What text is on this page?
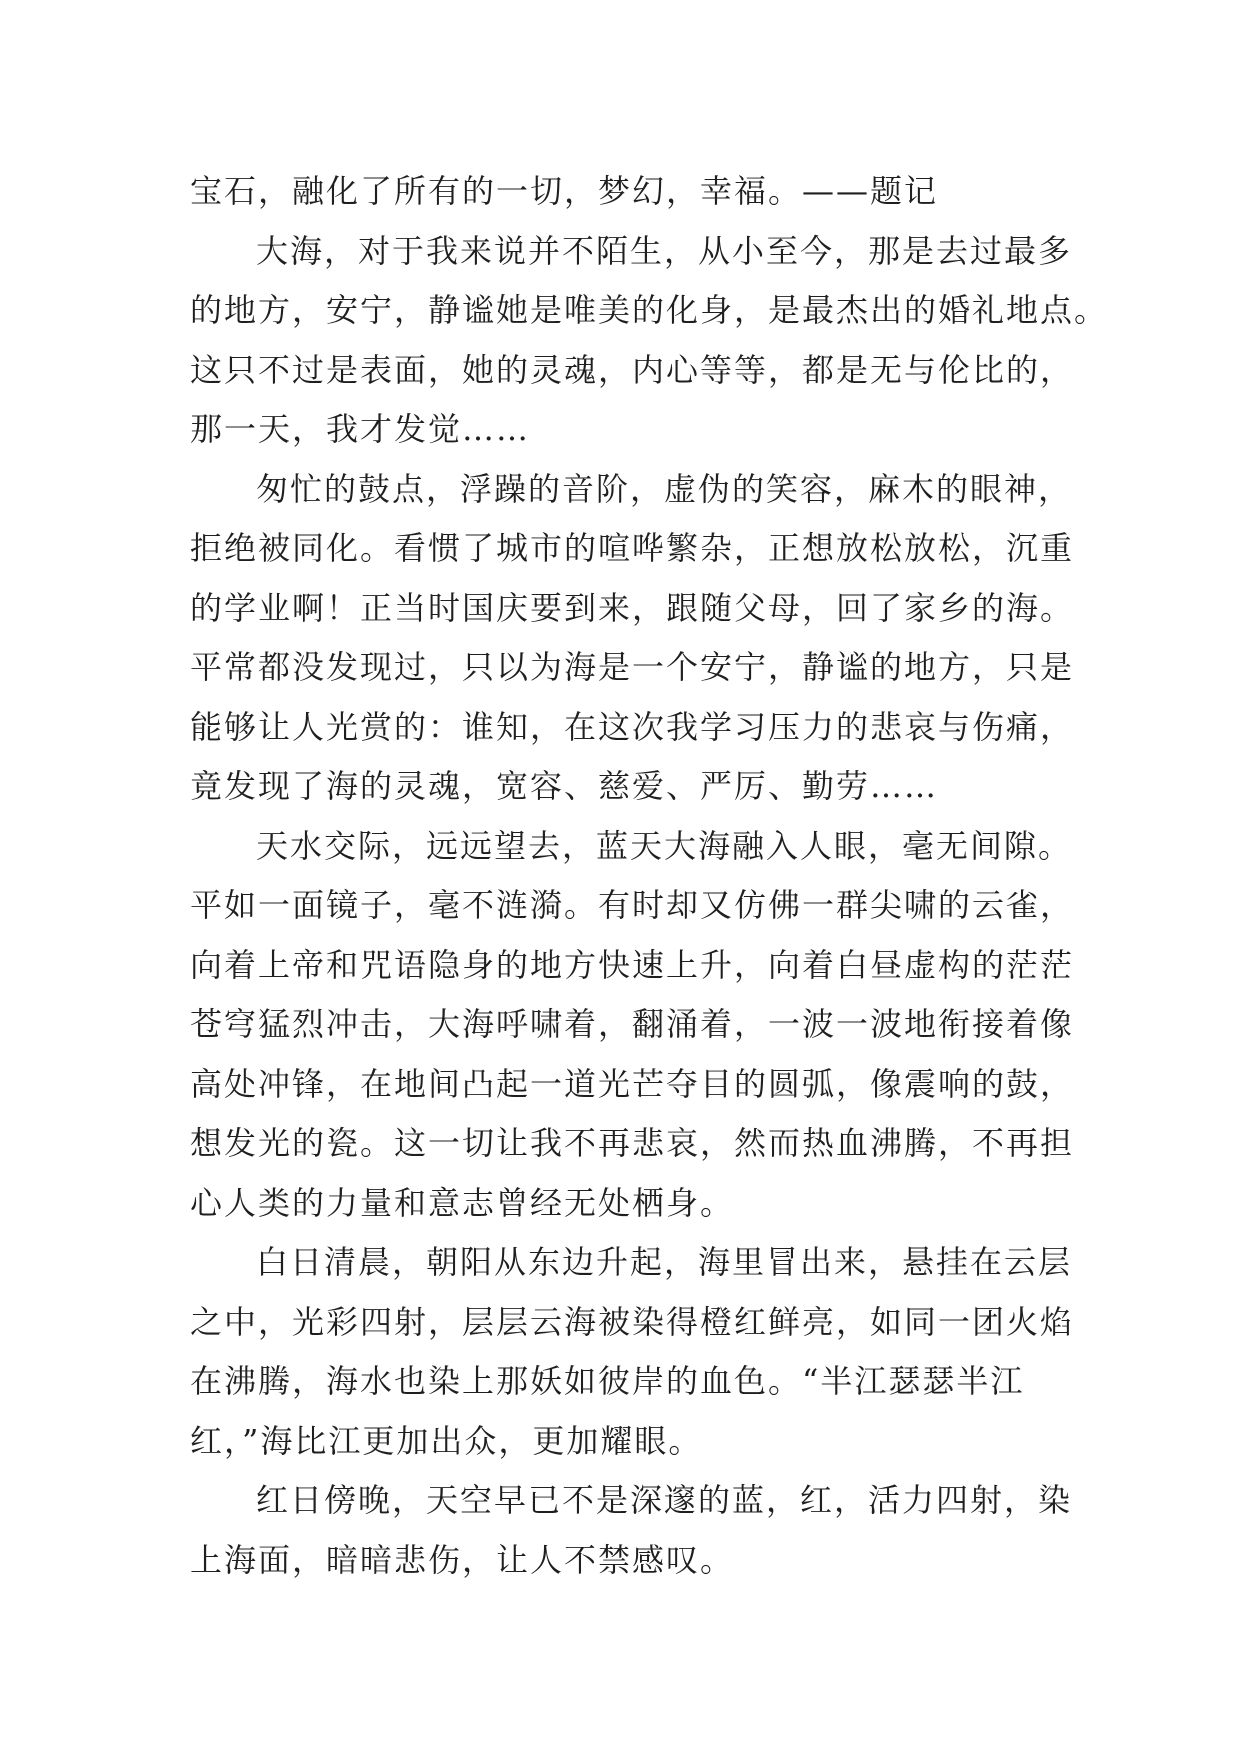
宝石，融化了所有的一切，梦幻，幸福。——题记
大海，对于我来说并不陌生，从小至今，那是去过最多
的地方，安宁，静谧她是唯美的化身，是最杰出的婚礼地点。
这只不过是表面，她的灵魂，内心等等，都是无与伦比的，
那一天，我才发觉……
匆忙的鼓点，浮躁的音阶，虚伪的笑容，麻木的眼神，
拒绝被同化。看惯了城市的喧哗繁杂，正想放松放松，沉重
的学业啊！正当时国庆要到来，跟随父母，回了家乡的海。
平常都没发现过，只以为海是一个安宁，静谧的地方，只是
能够让人光赏的：谁知，在这次我学习压力的悲哀与伤痛，
竟发现了海的灵魂，宽容、慈爱、严厉、勤劳……
天水交际，远远望去，蓝天大海融入人眼，毫无间隙。
平如一面镜子，毫不涟漪。有时却又仿佛一群尖啸的云雀，
向着上帝和咒语隐身的地方快速上升，向着白昼虚构的茫茫
苍穹猛烈冲击，大海呼啸着，翻涌着，一波一波地衔接着像
高处冲锋，在地间凸起一道光芒夺目的圆弧，像震响的鼓，
想发光的瓷。这一切让我不再悲哀，然而热血沸腾，不再担
心人类的力量和意志曾经无处栖身。
白日清晨，朝阳从东边升起，海里冒出来，悬挂在云层
之中，光彩四射，层层云海被染得橙红鲜亮，如同一团火焰
在沸腾，海水也染上那妖如彼岸的血色。“半江瑟瑟半江
红，”海比江更加出众，更加耀眼。
红日傍晚，天空早已不是深邃的蓝，红，活力四射，染
上海面，暗暗悲伤，让人不禁感叹。
